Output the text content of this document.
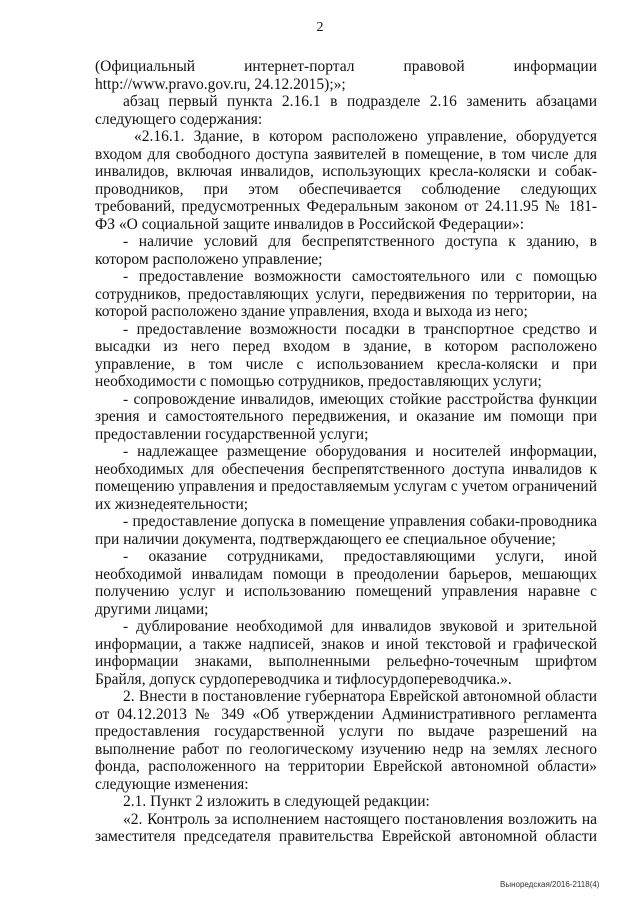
2

(Официальный интернет-портал правовой информации http://www.pravo.gov.ru, 24.12.2015);»;

абзац первый пункта 2.16.1 в подразделе 2.16 заменить абзацами следующего содержания:

«2.16.1. Здание, в котором расположено управление, оборудуется входом для свободного доступа заявителей в помещение, в том числе для инвалидов, включая инвалидов, использующих кресла-коляски и собак-проводников, при этом обеспечивается соблюдение следующих требований, предусмотренных Федеральным законом от 24.11.95 № 181-ФЗ «О социальной защите инвалидов в Российской Федерации»:

- наличие условий для беспрепятственного доступа к зданию, в котором расположено управление;

- предоставление возможности самостоятельного или с помощью сотрудников, предоставляющих услуги, передвижения по территории, на которой расположено здание управления, входа и выхода из него;

- предоставление возможности посадки в транспортное средство и высадки из него перед входом в здание, в котором расположено управление, в том числе с использованием кресла-коляски и при необходимости с помощью сотрудников, предоставляющих услуги;

- сопровождение инвалидов, имеющих стойкие расстройства функции зрения и самостоятельного передвижения, и оказание им помощи при предоставлении государственной услуги;

- надлежащее размещение оборудования и носителей информации, необходимых для обеспечения беспрепятственного доступа инвалидов к помещению управления и предоставляемым услугам с учетом ограничений их жизнедеятельности;

- предоставление допуска в помещение управления собаки-проводника при наличии документа, подтверждающего ее специальное обучение;

- оказание сотрудниками, предоставляющими услуги, иной необходимой инвалидам помощи в преодолении барьеров, мешающих получению услуг и использованию помещений управления наравне с другими лицами;

- дублирование необходимой для инвалидов звуковой и зрительной информации, а также надписей, знаков и иной текстовой и графической информации знаками, выполненными рельефно-точечным шрифтом Брайля, допуск сурдопереводчика и тифлосурдопереводчика.».

2. Внести в постановление губернатора Еврейской автономной области от 04.12.2013 № 349 «Об утверждении Административного регламента предоставления государственной услуги по выдаче разрешений на выполнение работ по геологическому изучению недр на землях лесного фонда, расположенного на территории Еврейской автономной области» следующие изменения:

2.1. Пункт 2 изложить в следующей редакции:

«2. Контроль за исполнением настоящего постановления возложить на заместителя председателя правительства Еврейской автономной области

Выноредская/2016-2118(4)
